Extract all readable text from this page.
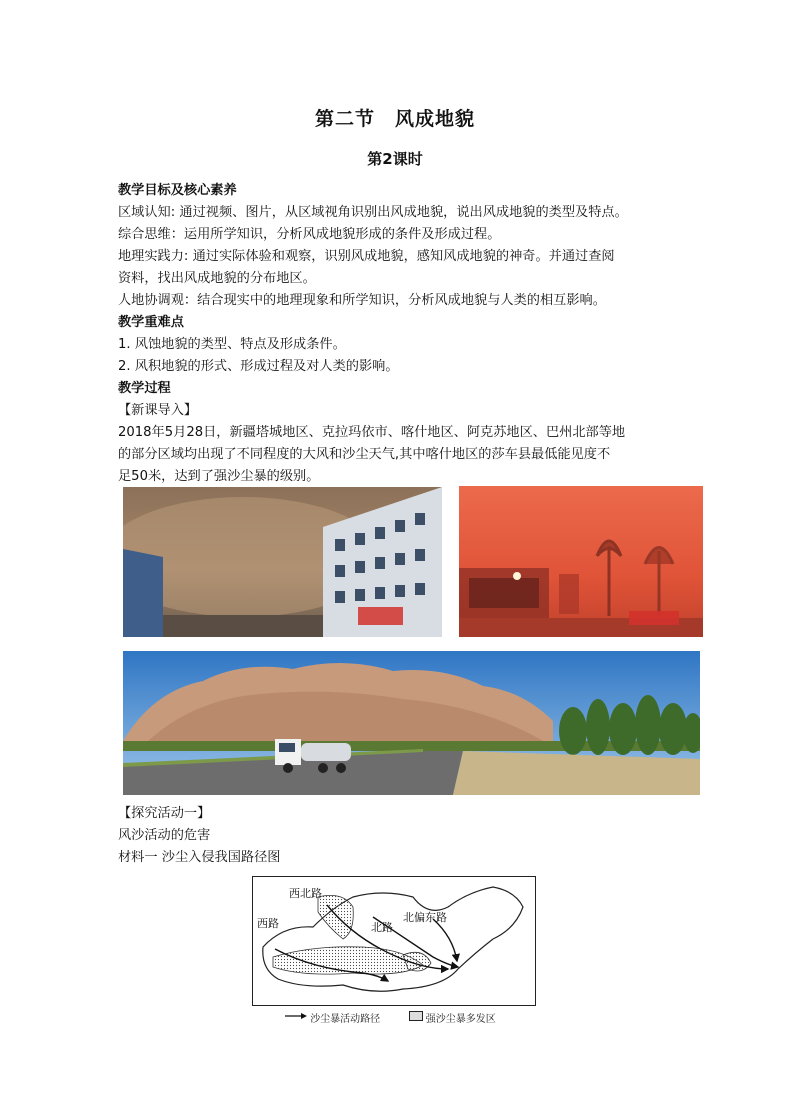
第二节　风成地貌
第2课时

教学目标及核心素养

区域认知: 通过视频、图片，从区域视角识别出风成地貌，说出风成地貌的类型及特点。

综合思维：运用所学知识，分析风成地貌形成的条件及形成过程。

地理实践力: 通过实际体验和观察，识别风成地貌，感知风成地貌的神奇。并通过查阅

资料，找出风成地貌的分布地区。

人地协调观：结合现实中的地理现象和所学知识，分析风成地貌与人类的相互影响。

教学重难点

1. 风蚀地貌的类型、特点及形成条件。

2. 风积地貌的形式、形成过程及对人类的影响。

教学过程

【新课导入】

2018年5月28日，新疆塔城地区、克拉玛依市、喀什地区、阿克苏地区、巴州北部等地

的部分区域均出现了不同程度的大风和沙尘天气,其中喀什地区的莎车县最低能见度不

足50米，达到了强沙尘暴的级别。

【探究活动一】

风沙活动的危害

材料一 沙尘入侵我国路径图

西北路
西路	北路
北偏东路
沙尘暴活动路径	强沙尘暴多发区
